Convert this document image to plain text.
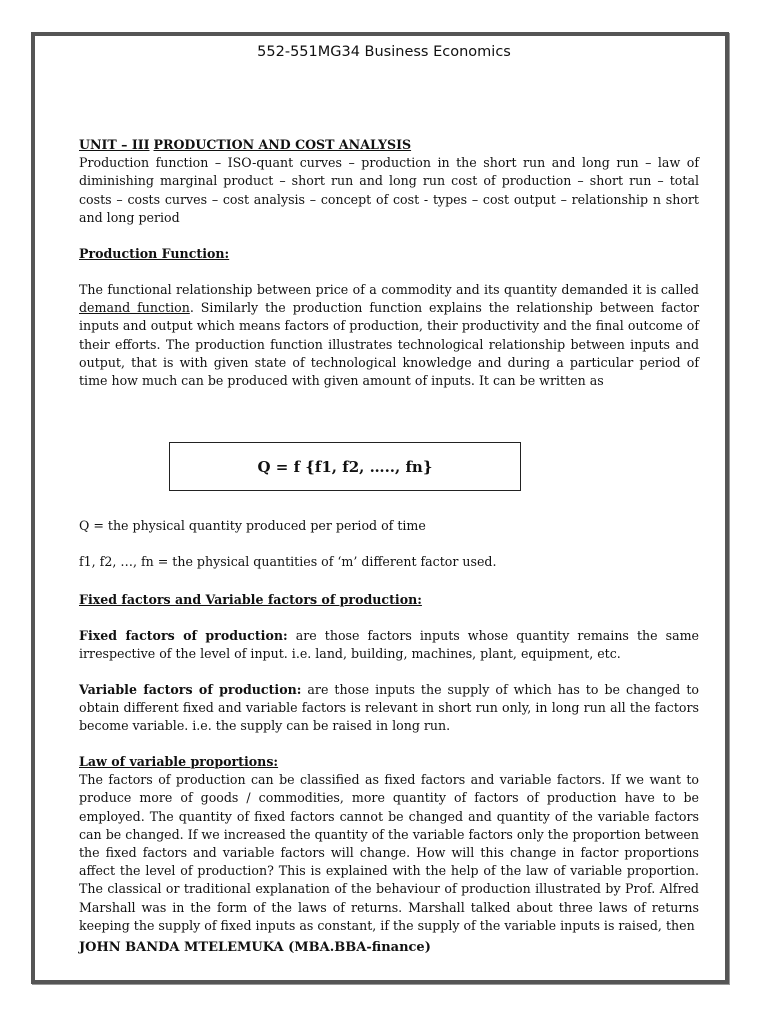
552-551MG34 Business Economics
UNIT – III PRODUCTION AND COST ANALYSIS

Production function – ISO-quant curves – production in the short run and long run – law of diminishing marginal product – short run and long run cost of production – short run – total costs – costs curves – cost analysis – concept of cost - types – cost output – relationship n short and long period

Production Function:

The functional relationship between price of a commodity and its quantity demanded it is called demand function. Similarly the production function explains the relationship between factor inputs and output which means factors of production, their productivity and the final outcome of their efforts. The production function illustrates technological relationship between inputs and output, that is with given state of technological knowledge and during a particular period of time how much can be produced with given amount of inputs. It can be written as

Q = f {f1, f2, ….., fn}

Q = the physical quantity produced per period of time

f1, f2, …, fn = the physical quantities of ‘m’ different factor used.

Fixed factors and Variable factors of production:

Fixed factors of production: are those factors inputs whose quantity remains the same irrespective of the level of input. i.e. land, building, machines, plant, equipment, etc.

Variable factors of production: are those inputs the supply of which has to be changed to obtain different fixed and variable factors is relevant in short run only, in long run all the factors become variable. i.e. the supply can be raised in long run.

Law of variable proportions:

The factors of production can be classified as fixed factors and variable factors. If we want to produce more of goods / commodities, more quantity of factors of production have to be employed. The quantity of fixed factors cannot be changed and quantity of the variable factors can be changed. If we increased the quantity of the variable factors only the proportion between the fixed factors and variable factors will change. How will this change in factor proportions affect the level of production? This is explained with the help of the law of variable proportion. The classical or traditional explanation of the behaviour of production illustrated by Prof. Alfred Marshall was in the form of the laws of returns. Marshall talked about three laws of returns keeping the supply of fixed inputs as constant, if the supply of the variable inputs is raised, then

JOHN BANDA MTELEMUKA (MBA.BBA-finance)
